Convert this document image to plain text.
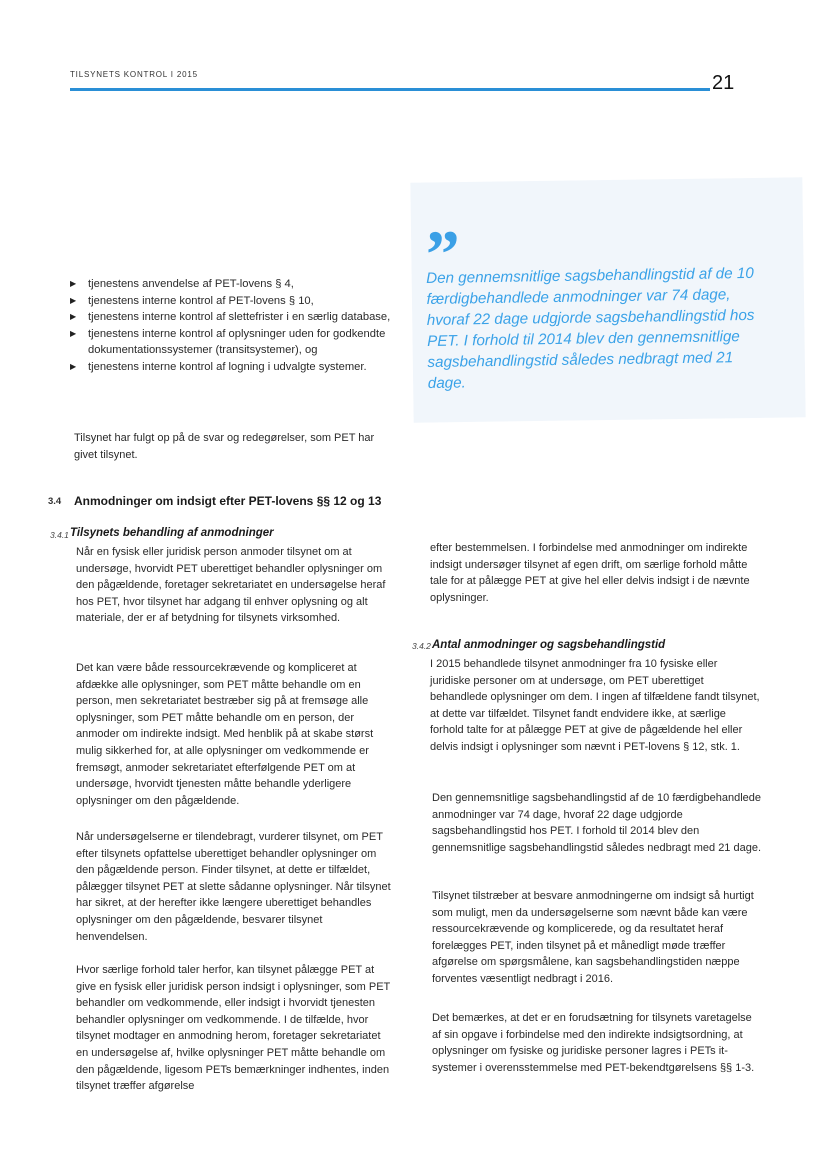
TILSYNETS KONTROL I 2015	21
”

Den gennemsnitlige sagsbehandlingstid af de 10 færdigbehandlede anmodninger var 74 dage, hvoraf 22 dage udgjorde sagsbehandlingstid hos PET. I forhold til 2014 blev den gennemsnitlige sagsbehandlingstid således nedbragt med 21 dage.

▶ tjenestens anvendelse af PET-lovens § 4,
▶ tjenestens interne kontrol af PET-lovens § 10,
▶ tjenestens interne kontrol af slettefrister i en særlig database,
▶ tjenestens interne kontrol af oplysninger uden for godkendte dokumentationssystemer (transitsystemer), og
▶ tjenestens interne kontrol af logning i udvalgte systemer.

Tilsynet har fulgt op på de svar og redegørelser, som PET har givet tilsynet.

3.4 Anmodninger om indsigt efter PET-lovens §§ 12 og 13
3.4.1 Tilsynets behandling af anmodninger

Når en fysisk eller juridisk person anmoder tilsynet om at undersøge, hvorvidt PET uberettiget behandler oplysninger om den pågældende, foretager sekretariatet en undersøgelse heraf hos PET, hvor tilsynet har adgang til enhver oplysning og alt materiale, der er af betydning for tilsynets virksomhed.

Det kan være både ressourcekrævende og kompliceret at afdække alle oplysninger, som PET måtte behandle om en person, men sekretariatet bestræber sig på at fremsøge alle oplysninger, som PET måtte behandle om en person, der anmoder om indirekte indsigt. Med henblik på at skabe størst mulig sikkerhed for, at alle oplysninger om vedkommende er fremsøgt, anmoder sekretariatet efterfølgende PET om at undersøge, hvorvidt tjenesten måtte behandle yderligere oplysninger om den pågældende.

Når undersøgelserne er tilendebragt, vurderer tilsynet, om PET efter tilsynets opfattelse uberettiget behandler oplysninger om den pågældende person. Finder tilsynet, at dette er tilfældet, pålægger tilsynet PET at slette sådanne oplysninger. Når tilsynet har sikret, at der herefter ikke længere uberettiget behandles oplysninger om den pågældende, besvarer tilsynet henvendelsen.

Hvor særlige forhold taler herfor, kan tilsynet pålægge PET at give en fysisk eller juridisk person indsigt i oplysninger, som PET behandler om vedkommende, eller indsigt i hvorvidt tjenesten behandler oplysninger om vedkommende. I de tilfælde, hvor tilsynet modtager en anmodning herom, foretager sekretariatet en undersøgelse af, hvilke oplysninger PET måtte behandle om den pågældende, ligesom PETs bemærkninger indhentes, inden tilsynet træffer afgørelse

efter bestemmelsen. I forbindelse med anmodninger om indirekte indsigt undersøger tilsynet af egen drift, om særlige forhold måtte tale for at pålægge PET at give hel eller delvis indsigt i de nævnte oplysninger.

3.4.2 Antal anmodninger og sagsbehandlingstid

I 2015 behandlede tilsynet anmodninger fra 10 fysiske eller juridiske personer om at undersøge, om PET uberettiget behandlede oplysninger om dem. I ingen af tilfældene fandt tilsynet, at dette var tilfældet. Tilsynet fandt endvidere ikke, at særlige forhold talte for at pålægge PET at give de pågældende hel eller delvis indsigt i oplysninger som nævnt i PET-lovens § 12, stk. 1.

Den gennemsnitlige sagsbehandlingstid af de 10 færdigbehandlede anmodninger var 74 dage, hvoraf 22 dage udgjorde sagsbehandlingstid hos PET. I forhold til 2014 blev den gennemsnitlige sagsbehandlingstid således nedbragt med 21 dage.

Tilsynet tilstræber at besvare anmodningerne om indsigt så hurtigt som muligt, men da undersøgelserne som nævnt både kan være ressourcekrævende og komplicerede, og da resultatet heraf forelægges PET, inden tilsynet på et månedligt møde træffer afgørelse om spørgsmålene, kan sagsbehandlingstiden næppe forventes væsentligt nedbragt i 2016.

Det bemærkes, at det er en forudsætning for tilsynets varetagelse af sin opgave i forbindelse med den indirekte indsigtsordning, at oplysninger om fysiske og juridiske personer lagres i PETs it-systemer i overensstemmelse med PET-bekendtgørelsens §§ 1-3.
